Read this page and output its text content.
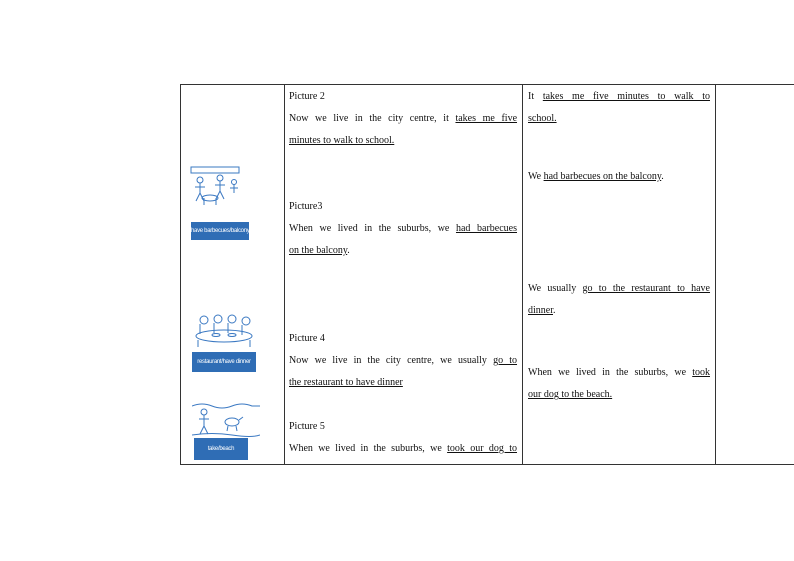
have barbecues/balcony
restaurant/have dinner
take/beach
Picture 2
Now we live in the city centre, it takes me five
minutes to walk to school.
Picture3
When we lived in the suburbs, we had barbecues
on the balcony.
Picture 4
Now we live in the city centre, we usually go to
the restaurant to have dinner
Picture 5
When we lived in the suburbs, we took our dog to
It takes me five minutes to walk to
school.
We had barbecues on the balcony.
We usually go to the restaurant to have
dinner.
When we lived in the suburbs, we took
our dog to the beach.
